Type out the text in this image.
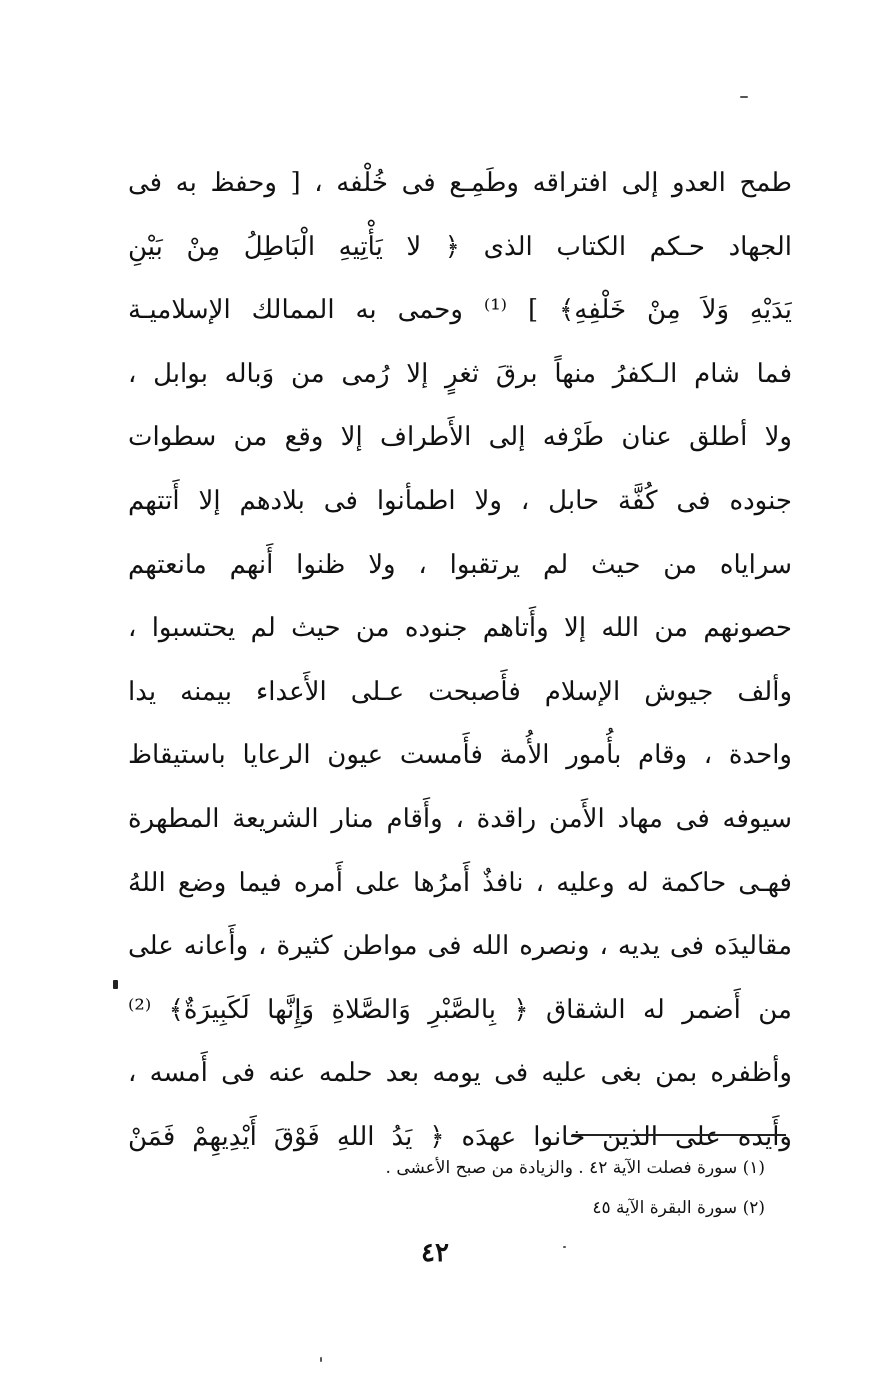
طمح العدو إلى افتراقه وطَمِـع فى خُلْفه ، [ وحفظ به فى
الجهاد حـكم الكتاب الذى ﴿ لا يَأْتِيهِ الْبَاطِلُ مِنْ بَيْنِ
يَدَيْهِ وَلاَ مِنْ خَلْفِهِ﴾ ] ⁽¹⁾ وحمى به الممالك الإسلاميـة
فما شام الـكفرُ منهاً برقَ ثغرٍ إلا رُمى من وَباله بوابل ،
ولا أطلق عنان طَرْفه إلى الأَطراف إلا وقع من سطوات
جنوده فى كُفَّة حابل ، ولا اطمأنوا فى بلادهم إلا أَتتهم
سراياه من حيث لم يرتقبوا ، ولا ظنوا أَنهم مانعتهم
حصونهم من الله إلا وأَتاهم جنوده من حيث لم يحتسبوا ،
وألف جيوش الإسلام فأَصبحت عـلى الأَعداء بيمنه يدا
واحدة ، وقام بأُمور الأُمة فأَمست عيون الرعايا باستيقاظ
سيوفه فى مهاد الأَمن راقدة ، وأَقام منار الشريعة المطهرة
فهـى حاكمة له وعليه ، نافذٌ أَمرُها على أَمره فيما وضع اللهُ
مقاليدَه فى يديه ، ونصره الله فى مواطن كثيرة ، وأَعانه على
من أَضمر له الشقاق ﴿ بِالصَّبْرِ وَالصَّلاةِ وَإِنَّها لَكَبِيرَةٌ﴾ ⁽²⁾
وأظفره بمن بغى عليه فى يومه بعد حلمه عنه فى أَمسه ،
وأَيده على الذين خانوا عهدَه ﴿ يَدُ اللهِ فَوْقَ أَيْدِيهِمْ فَمَنْ
(١) سورة فصلت الآية ٤٢ . والزيادة من صبح الأعشى .
(٢) سورة البقرة الآية ٤٥
٤٢
